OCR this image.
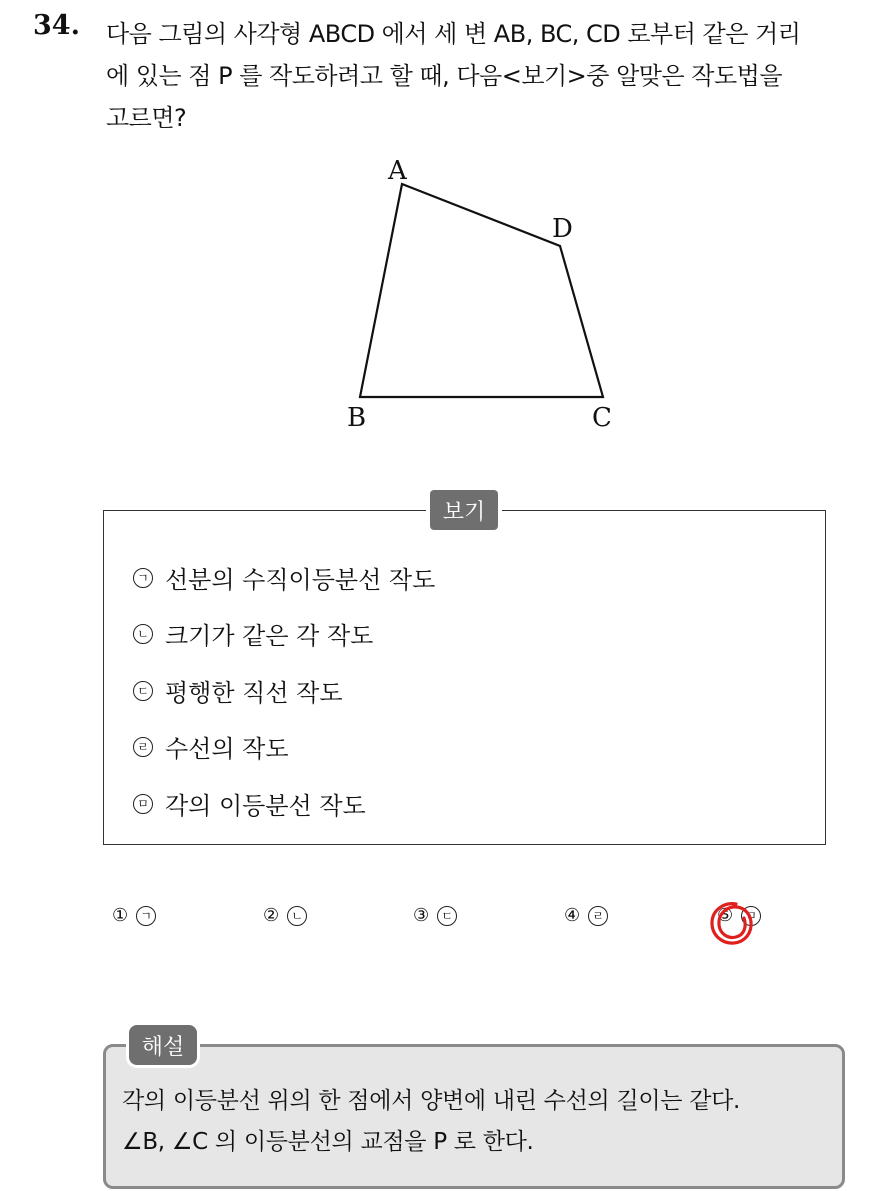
34. 다음 그림의 사각형 ABCD 에서 세 변 AB, BC, CD 로부터 같은 거리
에 있는 점 P 를 작도하려고 할 때, 다음<보기>중 알맞은 작도법을
고르면?
A
D
B	C
보기
ㄱ 선분의 수직이등분선 작도
ㄴ 크기가 같은 각 작도
ㄷ 평행한 직선 작도
ㄹ 수선의 작도
ㅁ 각의 이등분선 작도
①	ㄱ	②	ㄴ	③	ㄷ	④	ㄹ	⑤	ㅁ
해설
각의 이등분선 위의 한 점에서 양변에 내린 수선의 길이는 같다.
∠B, ∠C 의 이등분선의 교점을 P 로 한다.
